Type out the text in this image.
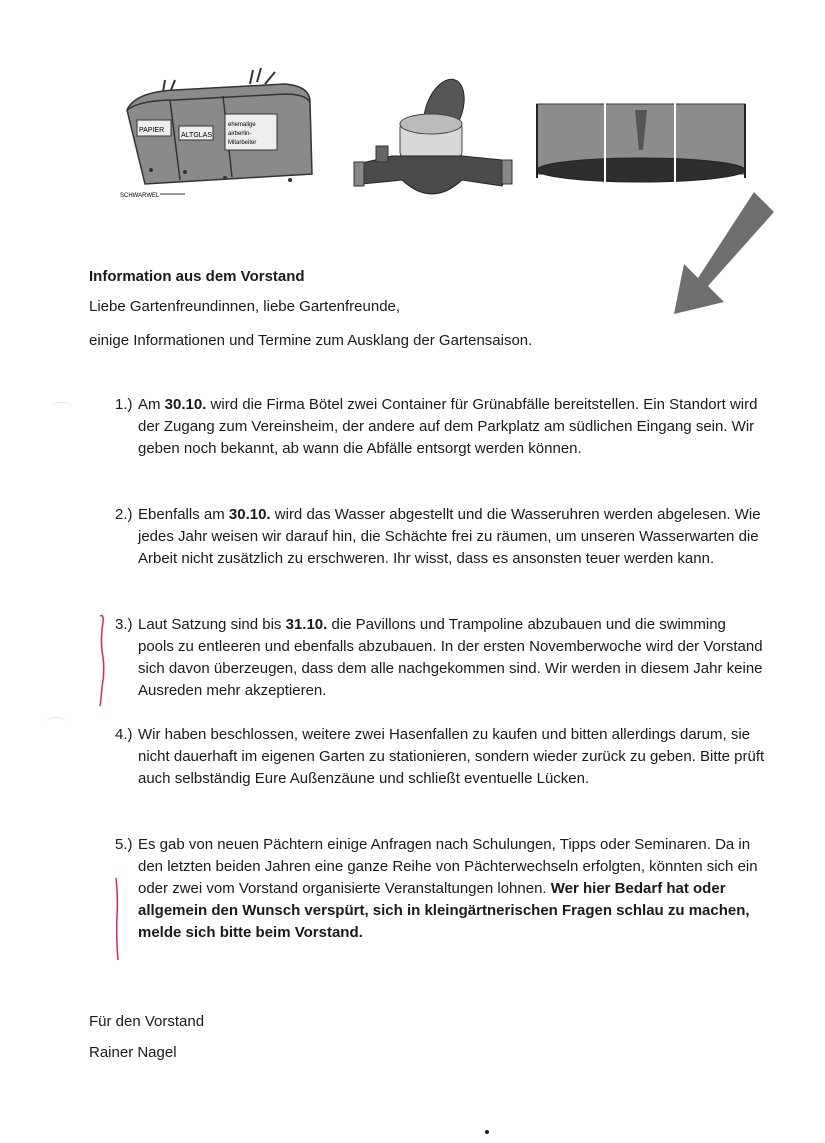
PAPIER
ALTGLAS
ehemalige
airberlin-
Mitarbeiter
SCHWARWEL
Information aus dem Vorstand
Liebe Gartenfreundinnen, liebe Gartenfreunde,
einige Informationen und Termine zum Ausklang der Gartensaison.
1.) Am 30.10. wird die Firma Bötel zwei Container für Grünabfälle bereitstellen. Ein Standort wird der Zugang zum Vereinsheim, der andere auf dem Parkplatz am südlichen Eingang sein. Wir geben noch bekannt, ab wann die Abfälle entsorgt werden können.
2.) Ebenfalls am 30.10. wird das Wasser abgestellt und die Wasseruhren werden abgelesen. Wie jedes Jahr weisen wir darauf hin, die Schächte frei zu räumen, um unseren Wasserwarten die Arbeit nicht zusätzlich zu erschweren. Ihr wisst, dass es ansonsten teuer werden kann.
3.) Laut Satzung sind bis 31.10. die Pavillons und Trampoline abzubauen und die swimming pools zu entleeren und ebenfalls abzubauen. In der ersten Novemberwoche wird der Vorstand sich davon überzeugen, dass dem alle nachgekommen sind. Wir werden in diesem Jahr keine Ausreden mehr akzeptieren.
4.) Wir haben beschlossen, weitere zwei Hasenfallen zu kaufen und bitten allerdings darum, sie nicht dauerhaft im eigenen Garten zu stationieren, sondern wieder zurück zu geben. Bitte prüft auch selbständig Eure Außenzäune und schließt eventuelle Lücken.
5.) Es gab von neuen Pächtern einige Anfragen nach Schulungen, Tipps oder Seminaren. Da in den letzten beiden Jahren eine ganze Reihe von Pächterwechseln erfolgten, könnten sich ein oder zwei vom Vorstand organisierte Veranstaltungen lohnen. Wer hier Bedarf hat oder allgemein den Wunsch verspürt, sich in kleingärtnerischen Fragen schlau zu machen, melde sich bitte beim Vorstand.
Für den Vorstand
Rainer Nagel
